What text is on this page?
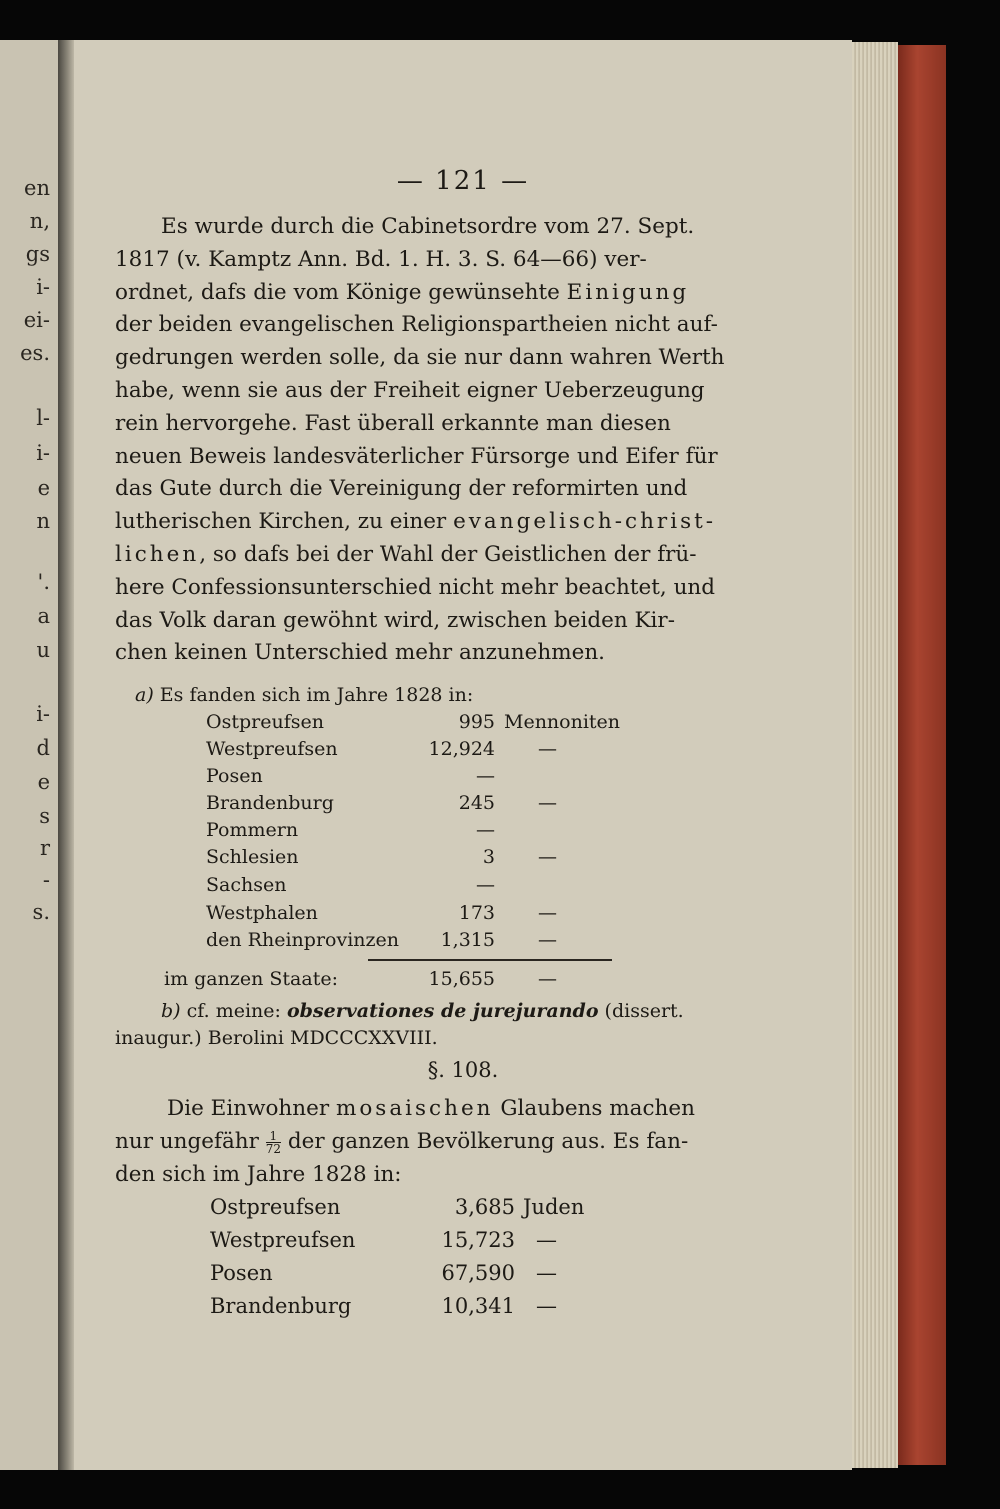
en
n,
gs
i-
ei-
es.
l-
i-
e
n
'.
a
u
i-
d
e
s
r
-
s.
— 121 —

Es wurde durch die Cabinetsordre vom 27. Sept.

1817 (v. Kamptz Ann. Bd. 1. H. 3. S. 64—66) ver-

ordnet, dafs die vom Könige gewünsehte Einigung

der beiden evangelischen Religionspartheien nicht auf-

gedrungen werden solle, da sie nur dann wahren Werth

habe, wenn sie aus der Freiheit eigner Ueberzeugung

rein hervorgehe. Fast überall erkannte man diesen

neuen Beweis landesväterlicher Fürsorge und Eifer für

das Gute durch die Vereinigung der reformirten und

lutherischen Kirchen, zu einer evangelisch-christ-

lichen, so dafs bei der Wahl der Geistlichen der frü-

here Confessionsunterschied nicht mehr beachtet, und

das Volk daran gewöhnt wird, zwischen beiden Kir-

chen keinen Unterschied mehr anzunehmen.

a) Es fanden sich im Jahre 1828 in:
Ostpreufsen	995 Mennoniten
Westpreufsen	12,924 —
Posen	—
Brandenburg	245 —
Pommern	—
Schlesien	3 —
Sachsen	—
Westphalen	173 —
den Rheinprovinzen	1,315 —
im ganzen Staate:	15,655 —
b) cf. meine: observationes de jurejurando (dissert.
inaugur.) Berolini MDCCCXXVIII.
§. 108.

Die Einwohner mosaischen Glaubens machen

nur ungefähr $\frac{1}{72}$ der ganzen Bevölkerung aus. Es fan-

den sich im Jahre 1828 in:

Ostpreufsen	3,685 Juden
Westpreufsen	15,723 —
Posen	67,590 —
Brandenburg	10,341 —
